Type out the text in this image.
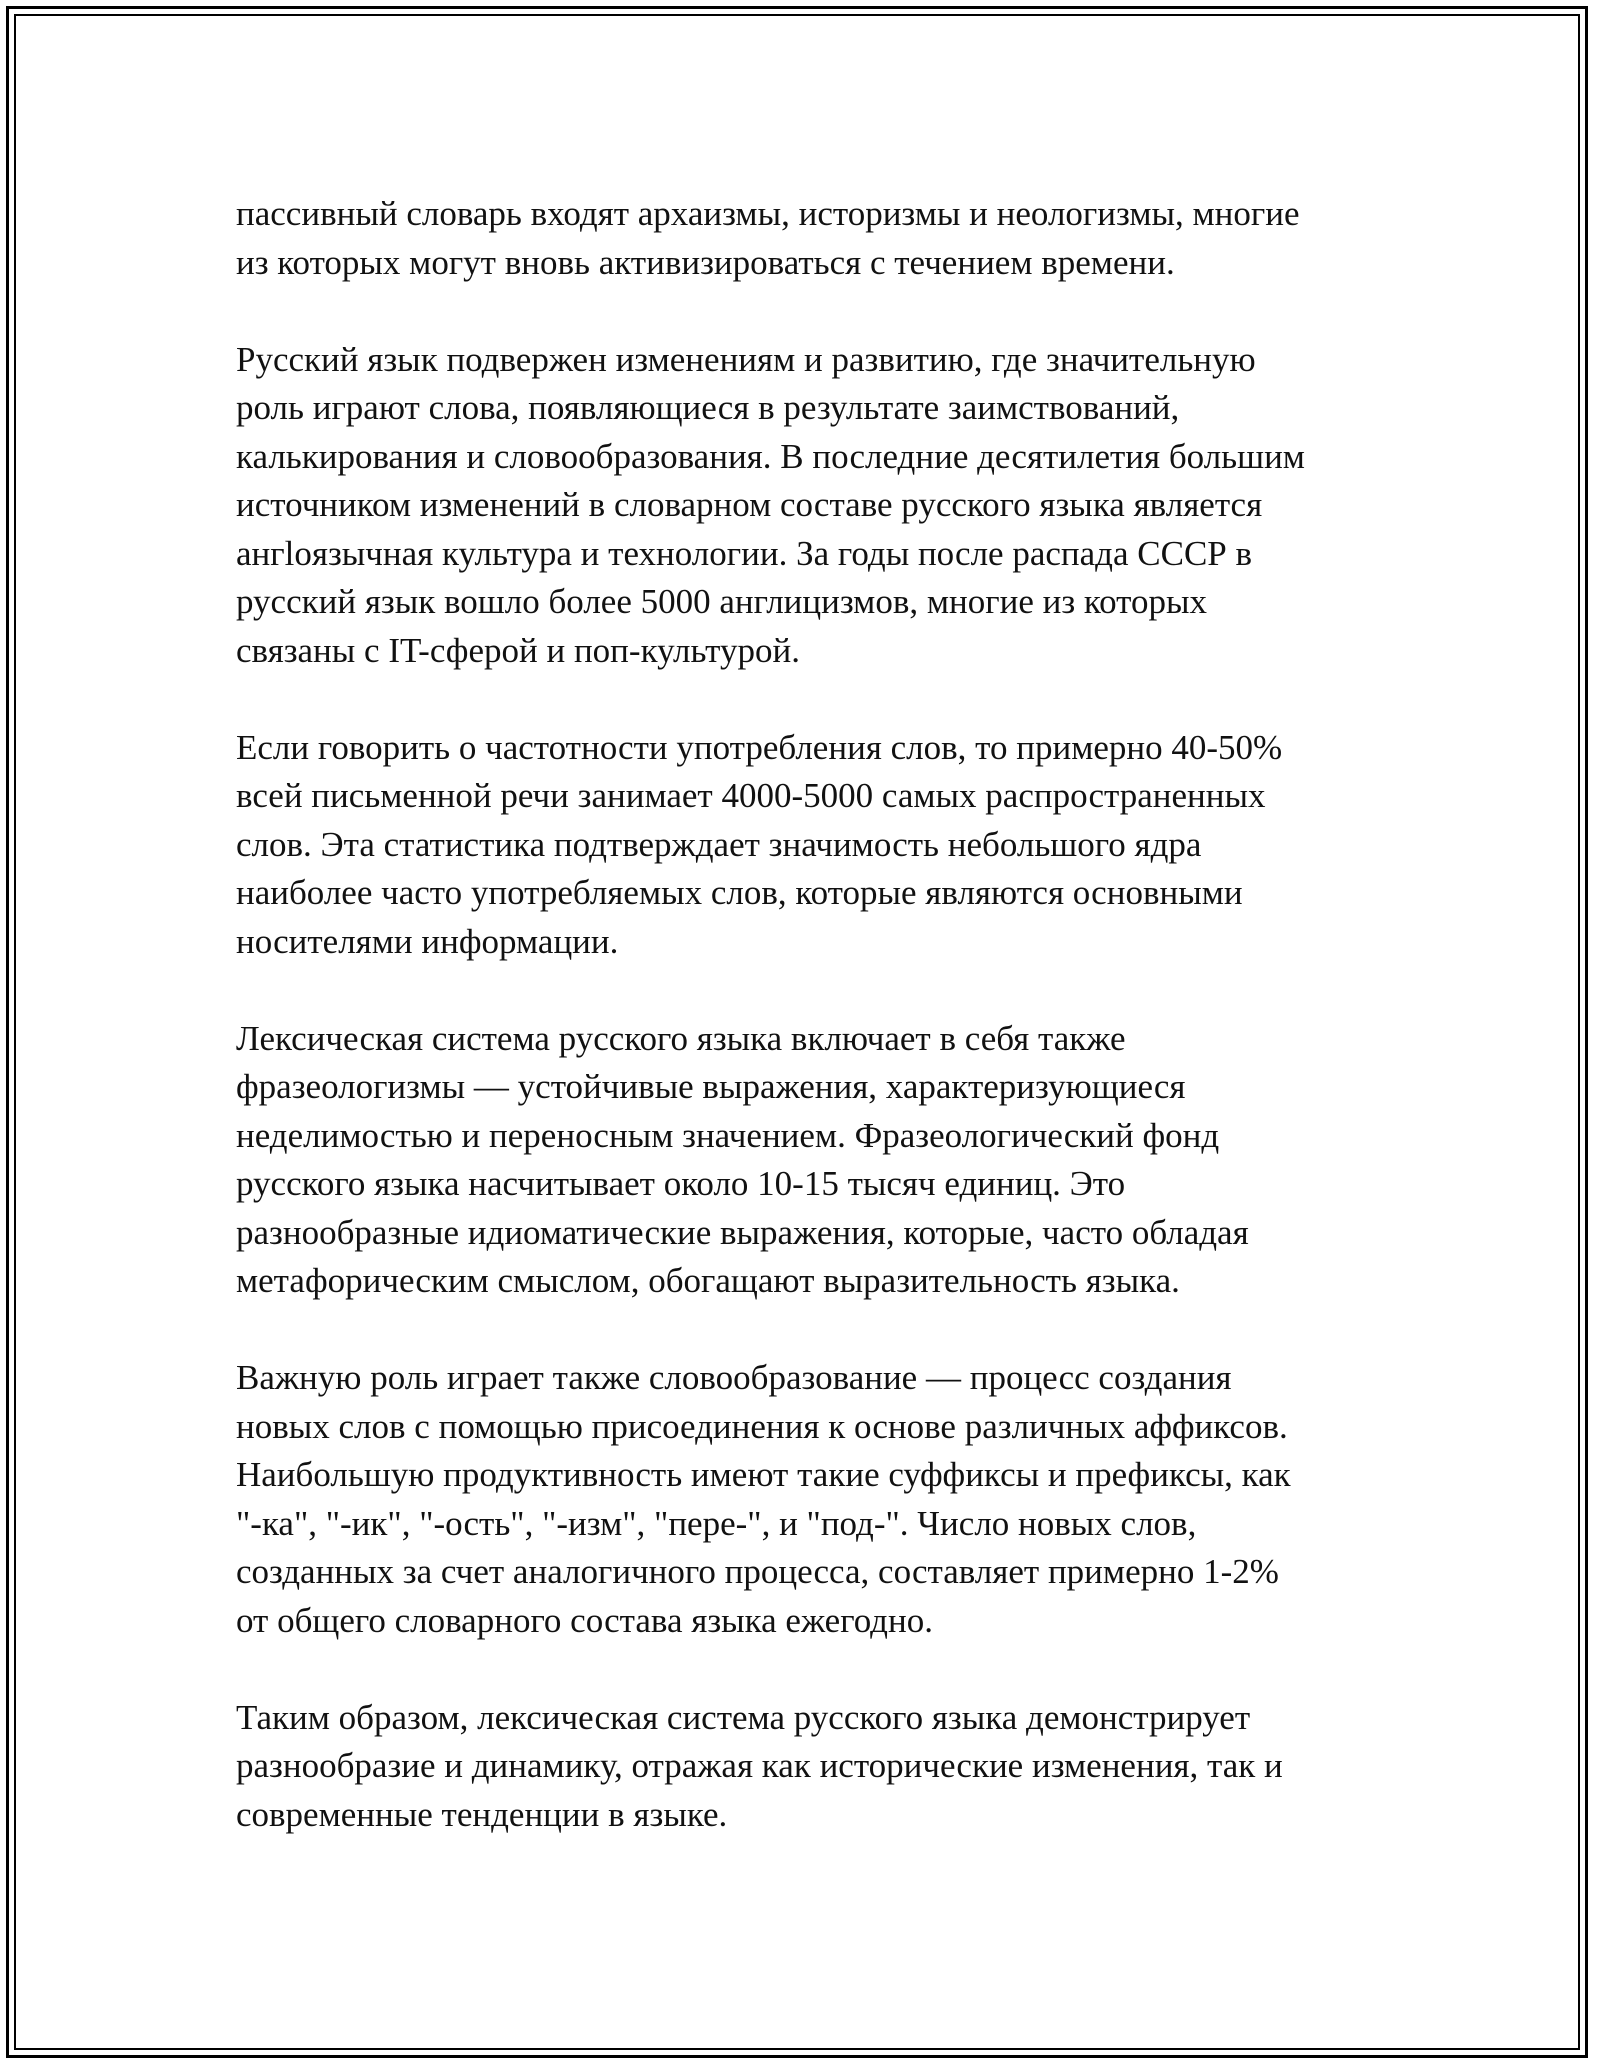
пассивный словарь входят архаизмы, историзмы и неологизмы, многие
из которых могут вновь активизироваться с течением времени.

Русский язык подвержен изменениям и развитию, где значительную
роль играют слова, появляющиеся в результате заимствований,
калькирования и словообразования. В последние десятилетия большим
источником изменений в словарном составе русского языка является
ангloязычная культура и технологии. За годы после распада СССР в
русский язык вошло более 5000 англицизмов, многие из которых
связаны с IT-сферой и поп-культурой.

Если говорить о частотности употребления слов, то примерно 40-50%
всей письменной речи занимает 4000-5000 самых распространенных
слов. Эта статистика подтверждает значимость небольшого ядра
наиболее часто употребляемых слов, которые являются основными
носителями информации.

Лексическая система русского языка включает в себя также
фразеологизмы — устойчивые выражения, характеризующиеся
неделимостью и переносным значением. Фразеологический фонд
русского языка насчитывает около 10-15 тысяч единиц. Это
разнообразные идиоматические выражения, которые, часто обладая
метафорическим смыслом, обогащают выразительность языка.

Важную роль играет также словообразование — процесс создания
новых слов с помощью присоединения к основе различных аффиксов.
Наибольшую продуктивность имеют такие суффиксы и префиксы, как
"-ка", "-ик", "-ость", "-изм", "пере-", и "под-". Число новых слов,
созданных за счет аналогичного процесса, составляет примерно 1-2%
от общего словарного состава языка ежегодно.

Таким образом, лексическая система русского языка демонстрирует
разнообразие и динамику, отражая как исторические изменения, так и
современные тенденции в языке.
